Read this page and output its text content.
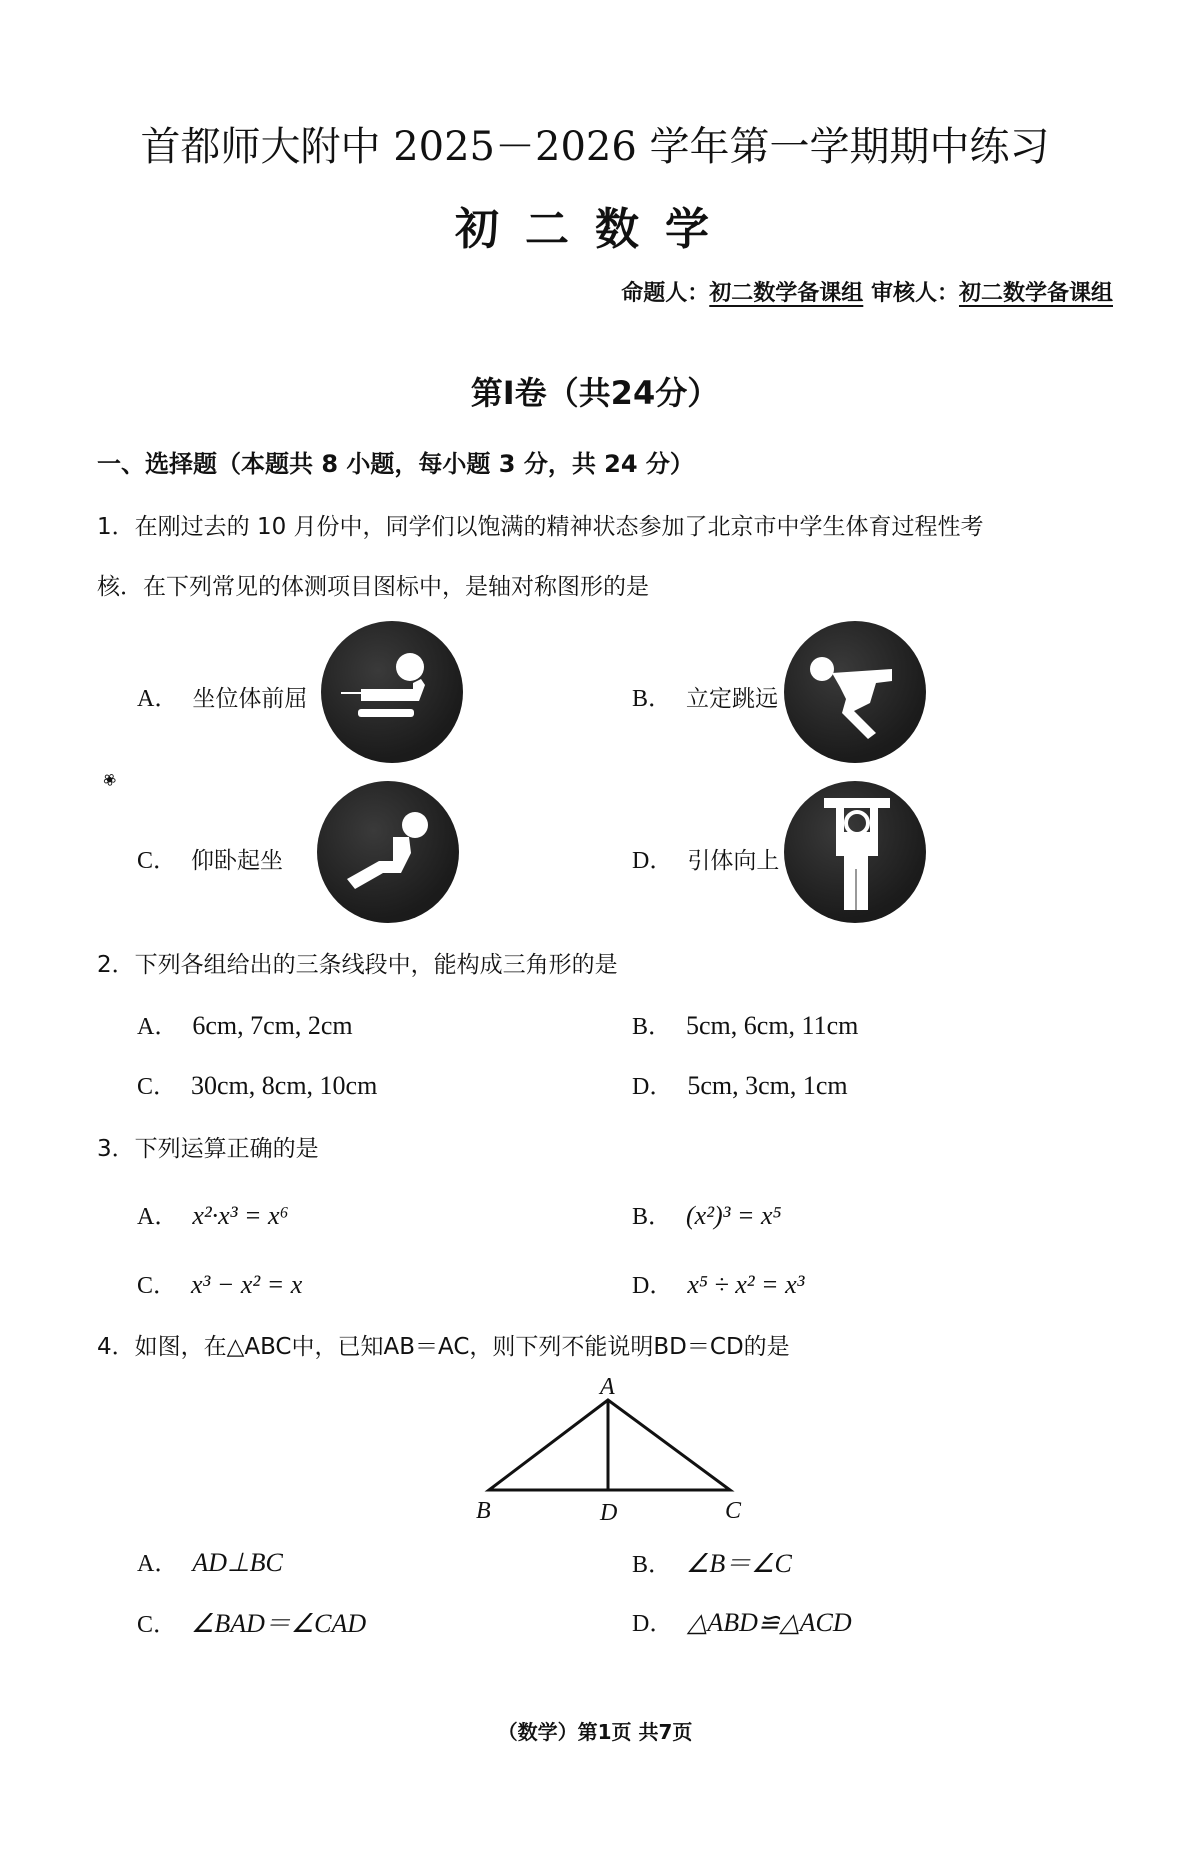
首都师大附中 2025－2026 学年第一学期期中练习
初二数学
命题人：初二数学备课组 审核人：初二数学备课组
第I卷（共24分）
一、选择题（本题共 8 小题，每小题 3 分，共 24 分）
1．在刚过去的 10 月份中，同学们以饱满的精神状态参加了北京市中学生体育过程性考
核．在下列常见的体测项目图标中，是轴对称图形的是
A． 坐位体前屈	B． 立定跳远
❀
C． 仰卧起坐	D． 引体向上
2．下列各组给出的三条线段中，能构成三角形的是
A． 6cm, 7cm, 2cm	B． 5cm, 6cm, 11cm
C． 30cm, 8cm, 10cm	D． 5cm, 3cm, 1cm
3．下列运算正确的是
A． x²·x³ = x⁶	B． (x²)³ = x⁵
C． x³ − x² = x	D． x⁵ ÷ x² = x³
4．如图，在△ABC中，已知AB＝AC，则下列不能说明BD＝CD的是
A
B	D	C
A． AD⊥BC	B． ∠B＝∠C
C． ∠BAD＝∠CAD	D． △ABD≌△ACD
（数学）第1页 共7页
